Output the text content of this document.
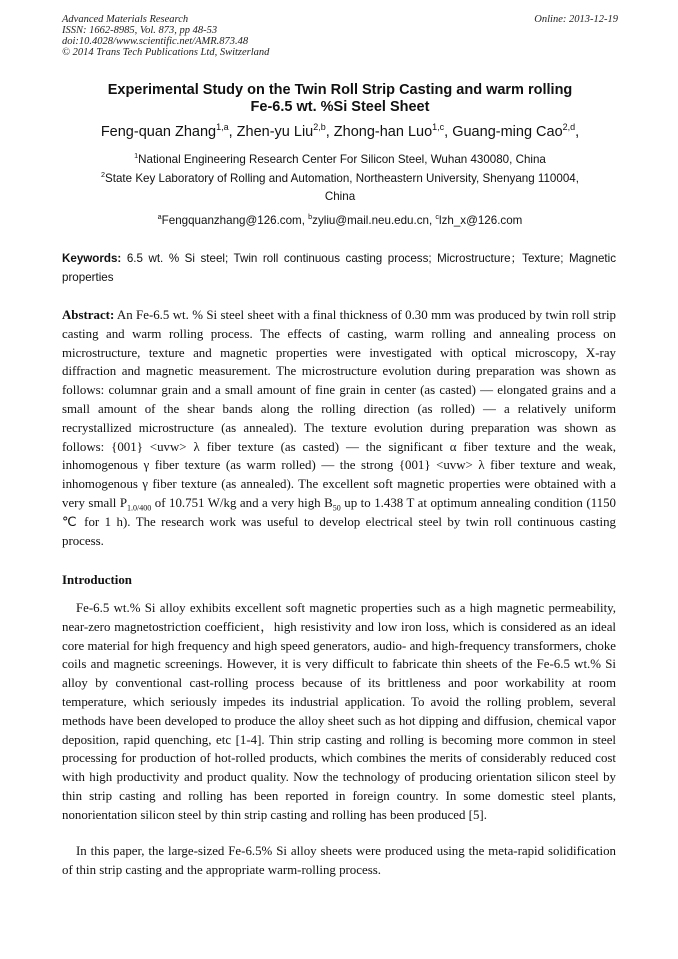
Advanced Materials Research
ISSN: 1662-8985, Vol. 873, pp 48-53
doi:10.4028/www.scientific.net/AMR.873.48
© 2014 Trans Tech Publications Ltd, Switzerland
Online: 2013-12-19
Experimental Study on the Twin Roll Strip Casting and warm rolling
Fe-6.5 wt. %Si Steel Sheet
Feng-quan Zhang$^{1,a}$, Zhen-yu Liu$^{2,b}$, Zhong-han Luo$^{1,c}$, Guang-ming Cao$^{2,d}$,
$^1$National Engineering Research Center For Silicon Steel, Wuhan 430080, China
$^2$State Key Laboratory of Rolling and Automation, Northeastern University, Shenyang 110004,
China
$^a$Fengquanzhang@126.com, $^b$zyliu@mail.neu.edu.cn, $^c$lzh_x@126.com
Keywords: 6.5 wt. % Si steel; Twin roll continuous casting process; Microstructure；Texture; Magnetic properties
Abstract: An Fe-6.5 wt. % Si steel sheet with a final thickness of 0.30 mm was produced by twin roll strip casting and warm rolling process. The effects of casting, warm rolling and annealing process on microstructure, texture and magnetic properties were investigated with optical microscopy, X-ray diffraction and magnetic measurement. The microstructure evolution during preparation was shown as follows: columnar grain and a small amount of fine grain in center (as casted) — elongated grains and a small amount of the shear bands along the rolling direction (as rolled) — a relatively uniform recrystallized microstructure (as annealed). The texture evolution during preparation was shown as follows: {001} <uvw> λ fiber texture (as casted) — the significant α fiber texture and the weak, inhomogenous γ fiber texture (as warm rolled) — the strong {001} <uvw> λ fiber texture and weak, inhomogenous γ fiber texture (as annealed). The excellent soft magnetic properties were obtained with a very small $P_{1.0/400}$ of 10.751 W/kg and a very high $B_{50}$ up to 1.438 T at optimum annealing condition (1150 ℃ for 1 h). The research work was useful to develop electrical steel by twin roll continuous casting process.
Introduction
Fe-6.5 wt.% Si alloy exhibits excellent soft magnetic properties such as a high magnetic permeability, near-zero magnetostriction coefficient，high resistivity and low iron loss, which is considered as an ideal core material for high frequency and high speed generators, audio- and high-frequency transformers, choke coils and magnetic screenings. However, it is very difficult to fabricate thin sheets of the Fe-6.5 wt.% Si alloy by conventional cast-rolling process because of its brittleness and poor workability at room temperature, which seriously impedes its industrial application. To avoid the rolling problem, several methods have been developed to produce the alloy sheet such as hot dipping and diffusion, chemical vapor deposition, rapid quenching, etc [1-4]. Thin strip casting and rolling is becoming more common in steel processing for production of hot-rolled products, which combines the merits of considerably reduced cost with high productivity and product quality. Now the technology of producing orientation silicon steel by thin strip casting and rolling has been reported in foreign country. In some domestic steel plants, nonorientation silicon steel by thin strip casting and rolling has been produced [5].
In this paper, the large-sized Fe-6.5% Si alloy sheets were produced using the meta-rapid solidification of thin strip casting and the appropriate warm-rolling process.
